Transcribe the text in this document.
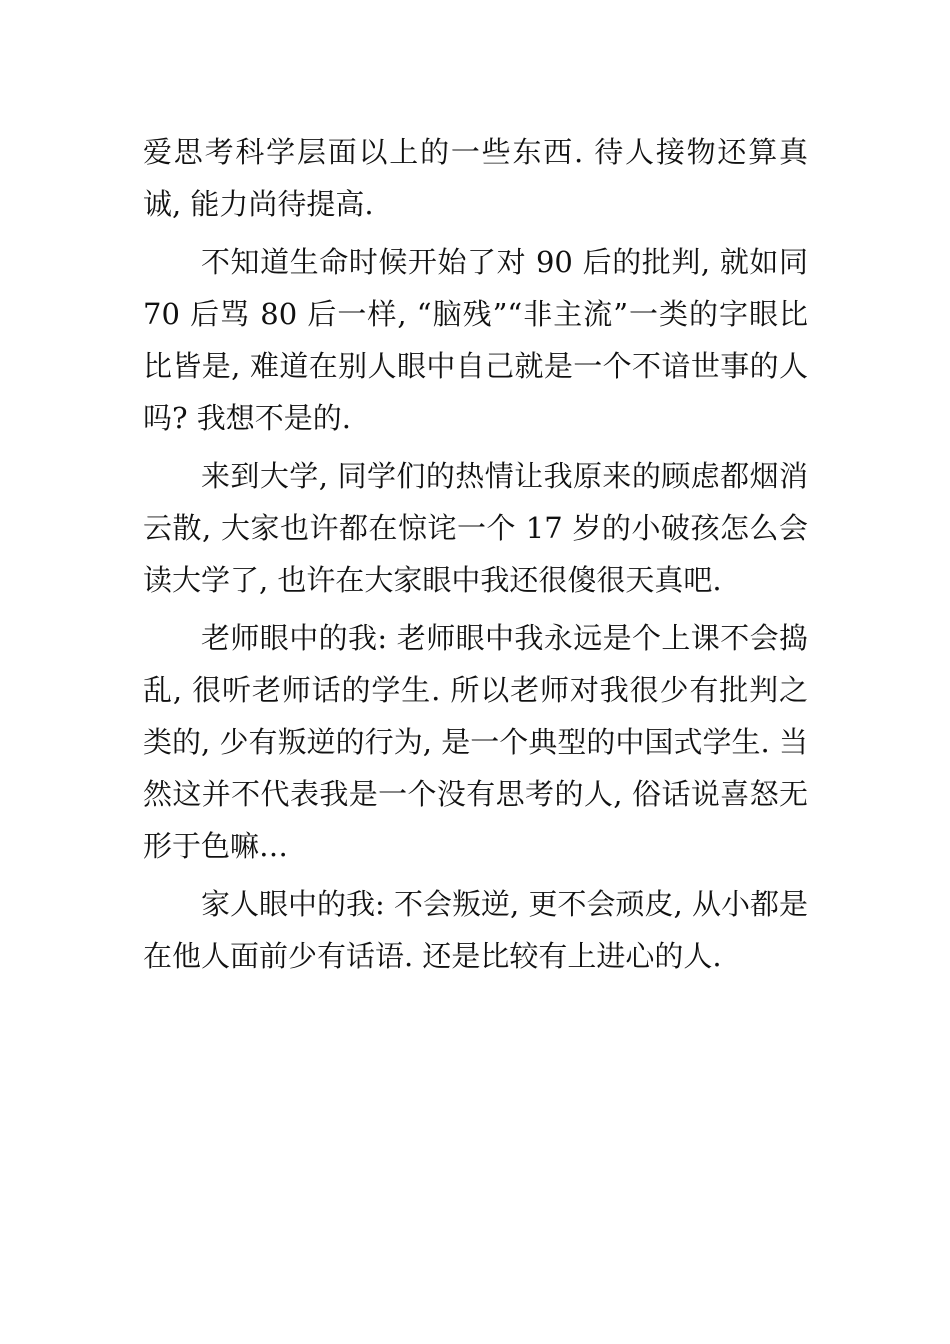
爱思考科学层面以上的一些东西. 待人接物还算真诚, 能力尚待提高.

不知道生命时候开始了对 90 后的批判, 就如同 70 后骂 80 后一样, “脑残”“非主流”一类的字眼比比皆是, 难道在别人眼中自己就是一个不谙世事的人吗? 我想不是的.

来到大学, 同学们的热情让我原来的顾虑都烟消云散, 大家也许都在惊诧一个 17 岁的小破孩怎么会读大学了, 也许在大家眼中我还很傻很天真吧.

老师眼中的我: 老师眼中我永远是个上课不会捣乱, 很听老师话的学生. 所以老师对我很少有批判之类的, 少有叛逆的行为, 是一个典型的中国式学生. 当然这并不代表我是一个没有思考的人, 俗话说喜怒无形于色嘛…

家人眼中的我: 不会叛逆, 更不会顽皮, 从小都是在他人面前少有话语. 还是比较有上进心的人.
